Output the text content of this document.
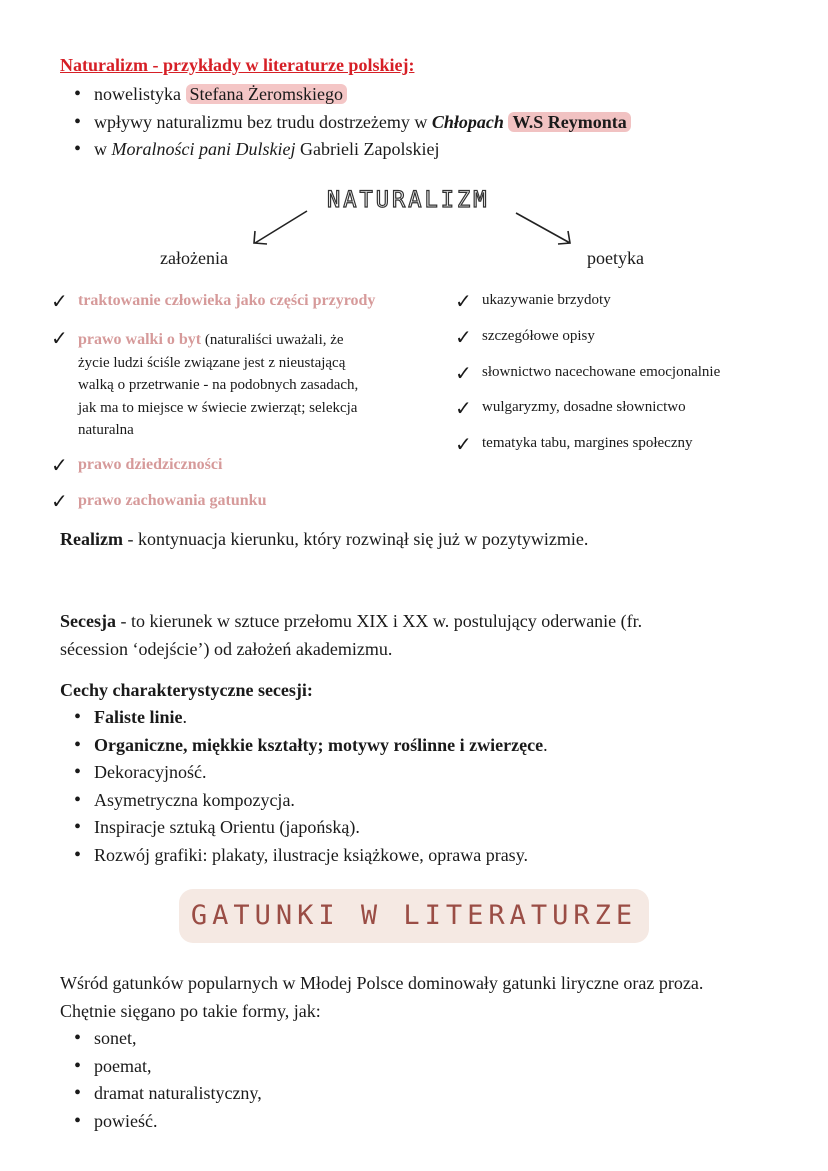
Naturalizm - przykłady w literaturze polskiej:
• nowelistyka Stefana Żeromskiego
• wpływy naturalizmu bez trudu dostrzeżemy w Chłopach W.S Reymonta
• w Moralności pani Dulskiej Gabrieli Zapolskiej
NATURALIZM
założenia	poetyka
✓ traktowanie człowieka jako części przyrody
✓ prawo walki o byt (naturaliści uważali, że
życie ludzi ściśle związane jest z nieustającą
walką o przetrwanie - na podobnych zasadach,
jak ma to miejsce w świecie zwierząt; selekcja
naturalna
✓ prawo dziedziczności
✓ prawo zachowania gatunku
✓ ukazywanie brzydoty
✓ szczegółowe opisy
✓ słownictwo nacechowane emocjonalnie
✓ wulgaryzmy, dosadne słownictwo
✓ tematyka tabu, margines społeczny
Realizm - kontynuacja kierunku, który rozwinął się już w pozytywizmie.
Secesja - to kierunek w sztuce przełomu XIX i XX w. postulujący oderwanie (fr.
sécession ‘odejście’) od założeń akademizmu.
Cechy charakterystyczne secesji:
• Faliste linie.
• Organiczne, miękkie kształty; motywy roślinne i zwierzęce.
• Dekoracyjność.
• Asymetryczna kompozycja.
• Inspiracje sztuką Orientu (japońską).
• Rozwój grafiki: plakaty, ilustracje książkowe, oprawa prasy.
GATUNKI W LITERATURZE
Wśród gatunków popularnych w Młodej Polsce dominowały gatunki liryczne oraz proza.
Chętnie sięgano po takie formy, jak:
• sonet,
• poemat,
• dramat naturalistyczny,
• powieść.
